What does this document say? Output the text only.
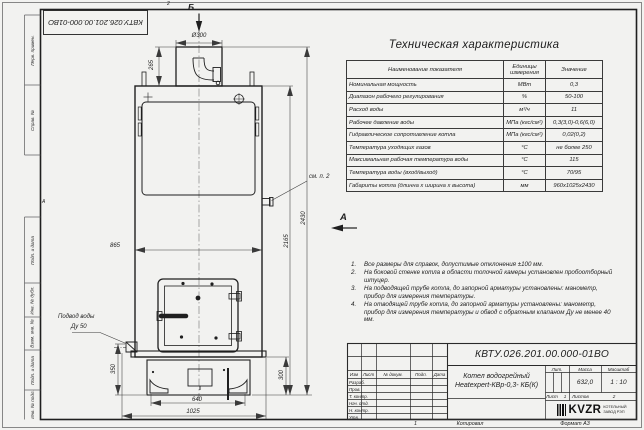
КВТУ.026.201.00.000-01ВО
Перв. примен.
Справ. №
Подп. и дата
Инв. № дубл.
Взам. инв. №
Подп. и дата
Инв. № подл.
2
А
Б
Ø300
265
865	2165
2430
300
350
640
1025
см. п. 2
А
Подвод воды
Ду 50
Техническая характеристика
Наименование показателя	Единицы измерения	Значение
Номинальная мощность	МВт	0,3
Диапазон рабочего регулирования	%	50-100
Расход воды	м³/ч	11
Рабочее давление воды	МПа (кгс/см²)	0,3(3,0)-0,6(6,0)
Гидравлическое сопротивление котла	МПа (кгс/см²)	0,02(0,2)
Температура уходящих газов	°С	не более 250
Максимальная рабочая температура воды	°С	115
Температура воды (вход/выход)	°С	70/95
Габариты котла (длинна х ширина х высота)	мм	960х1025х2430
1.	Все размеры для справок, допустимые отклонения ±100 мм.
2.	На боковой стенке котла в области топочной камеры установлен пробоотборный штуцер.
3.	На подводящей трубе котла, до запорной арматуры установлены: манометр, прибор для измерения температуры.
4.	На отводящей трубе котла, до запорной арматуры установлены: манометр, прибор для измерения температуры и обвод с обратным клапаном Ду не менее 40 мм.
КВТУ.026.201.00.000-01ВО
Котел водогрейный
Heatexpert-КВр-0,3- КБ(К)
Изм	Лист	№ докум.	Подп.	Дата
Разраб.
Пров.
Т. контр.
Нач. отд.
Н. контр.
Утв.
Лит.	Масса	Масштаб
632,0	1 : 10
Лист	1	Листов	2
KVZR КОТЕЛЬНЫЙ
ЗАВОД РЭП
1	Копировал	Формат А3
